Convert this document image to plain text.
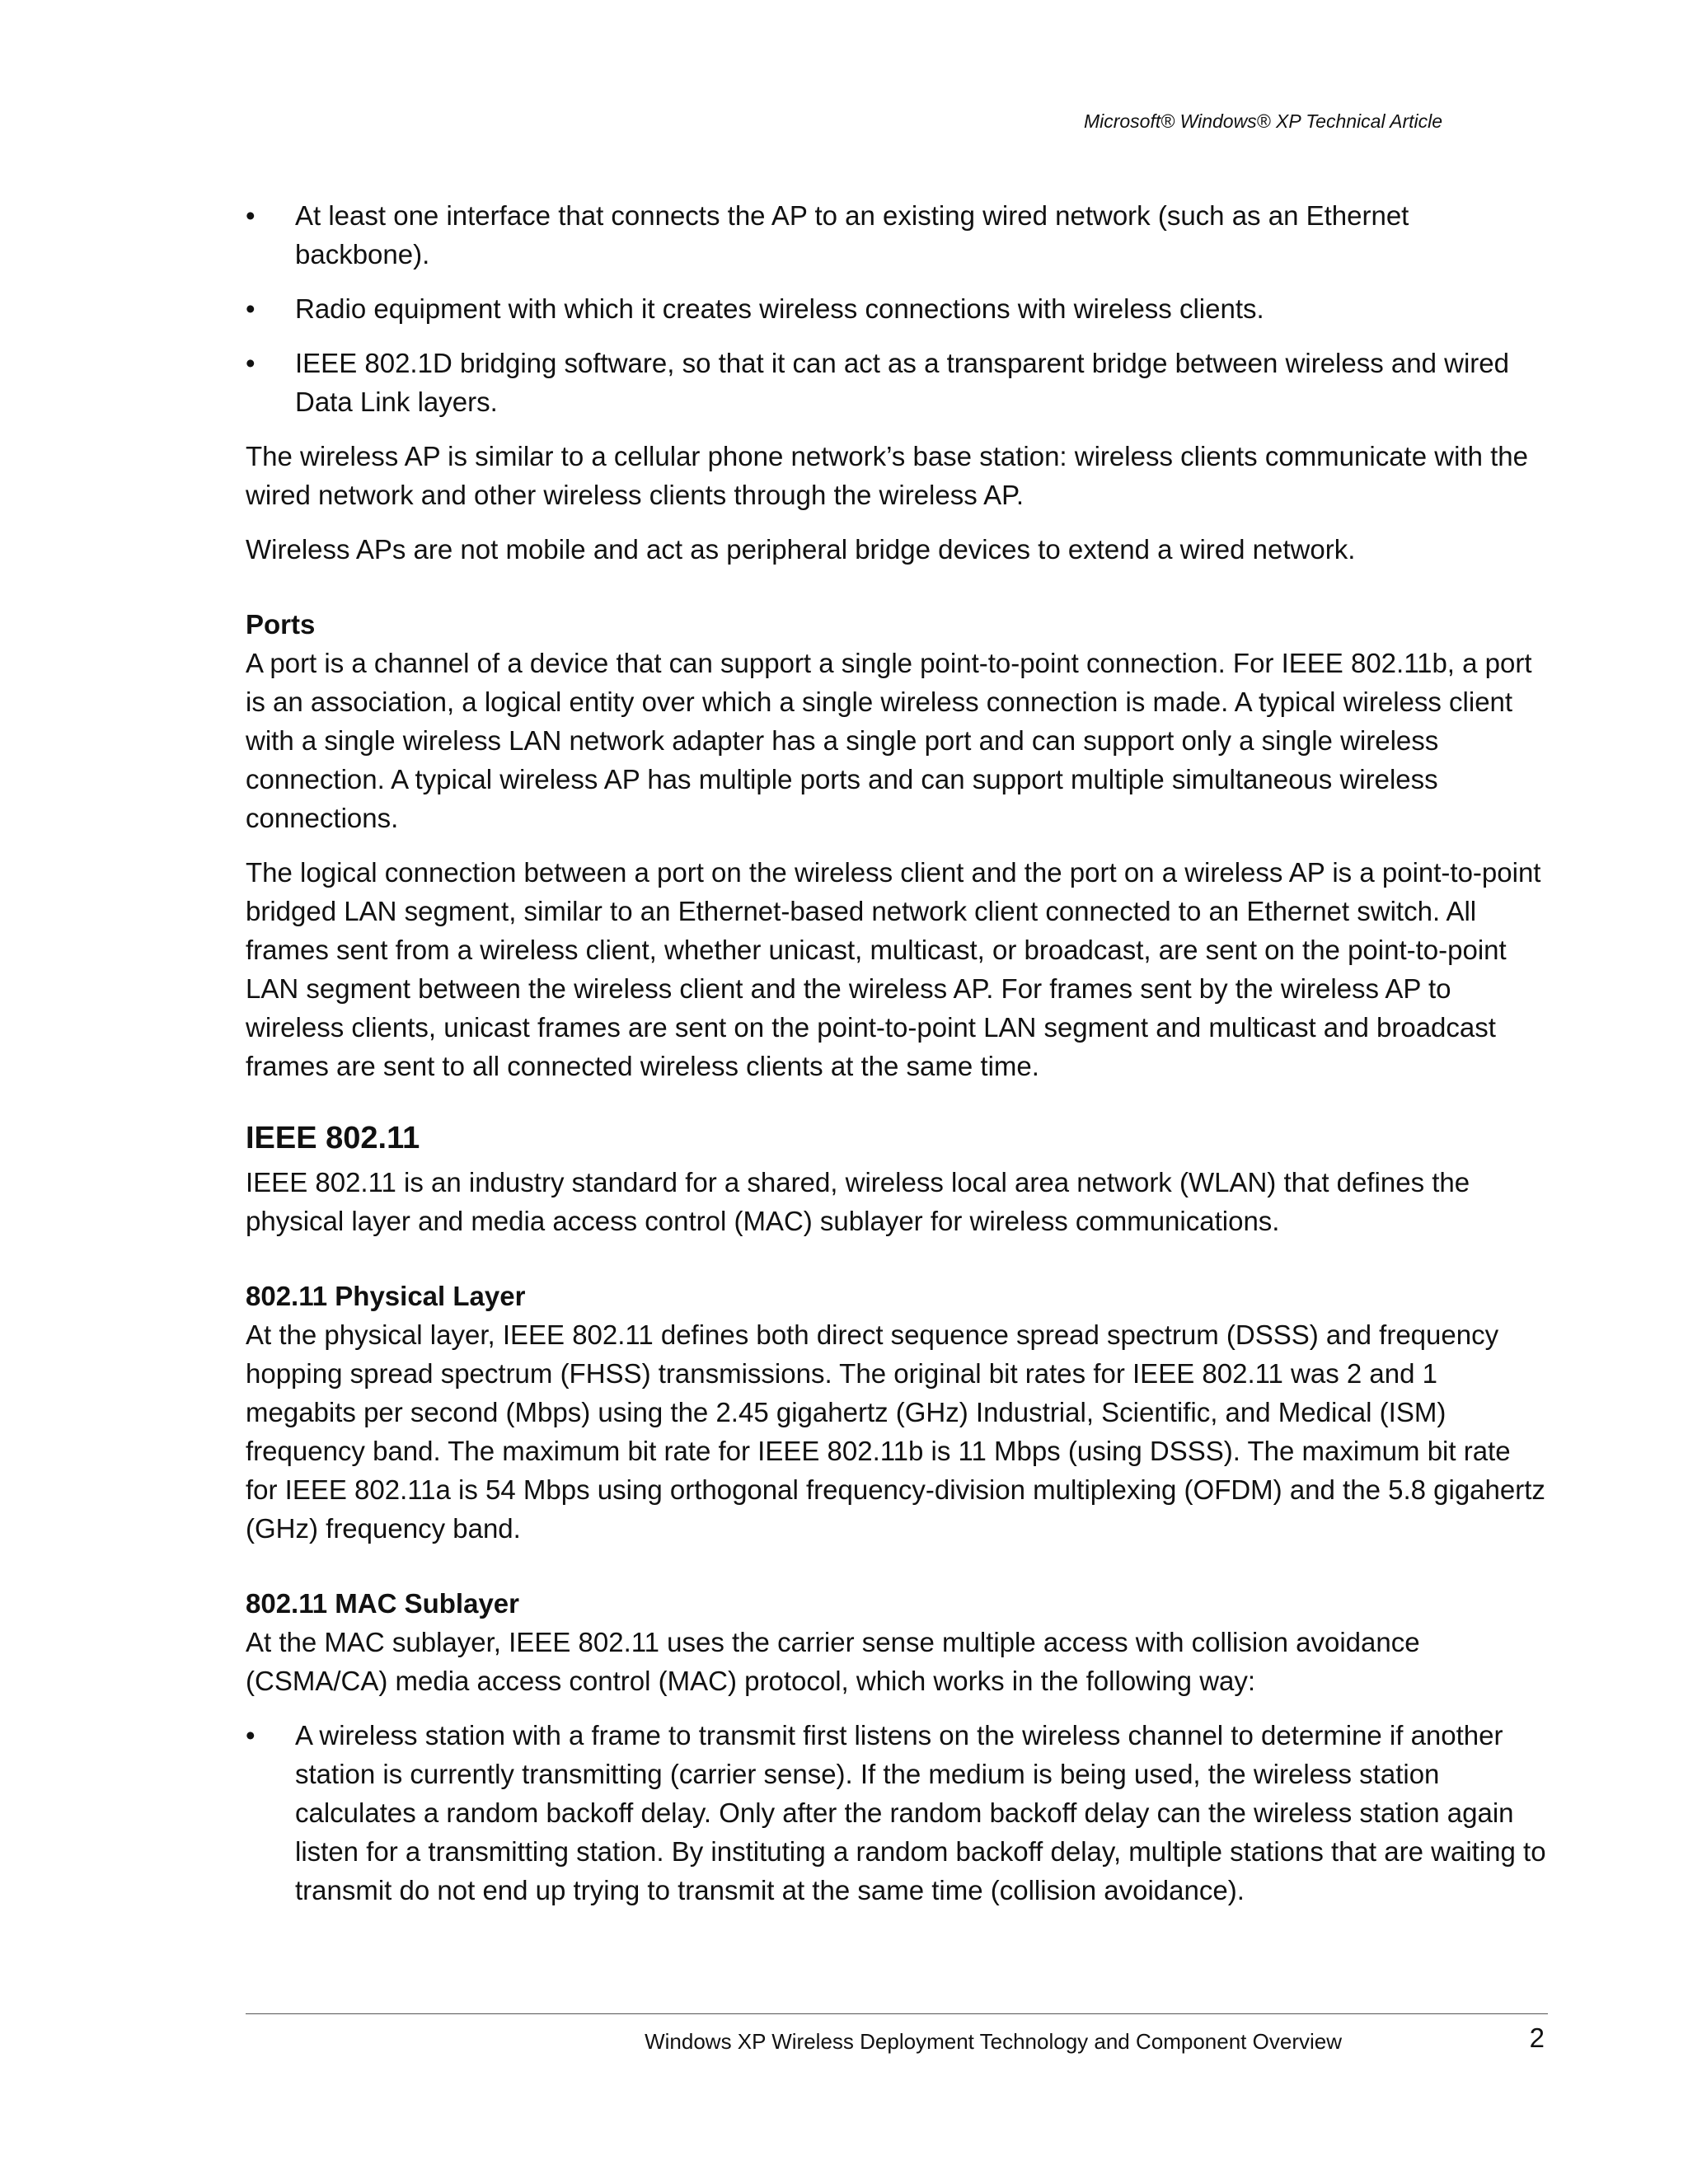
Microsoft® Windows® XP Technical Article
• At least one interface that connects the AP to an existing wired network (such as an Ethernet backbone).
• Radio equipment with which it creates wireless connections with wireless clients.
• IEEE 802.1D bridging software, so that it can act as a transparent bridge between wireless and wired Data Link layers.

The wireless AP is similar to a cellular phone network’s base station: wireless clients communicate with the wired network and other wireless clients through the wireless AP.

Wireless APs are not mobile and act as peripheral bridge devices to extend a wired network.

Ports

A port is a channel of a device that can support a single point-to-point connection. For IEEE 802.11b, a port is an association, a logical entity over which a single wireless connection is made. A typical wireless client with a single wireless LAN network adapter has a single port and can support only a single wireless connection. A typical wireless AP has multiple ports and can support multiple simultaneous wireless connections.

The logical connection between a port on the wireless client and the port on a wireless AP is a point-to-point bridged LAN segment, similar to an Ethernet-based network client connected to an Ethernet switch. All frames sent from a wireless client, whether unicast, multicast, or broadcast, are sent on the point-to-point LAN segment between the wireless client and the wireless AP. For frames sent by the wireless AP to wireless clients, unicast frames are sent on the point-to-point LAN segment and multicast and broadcast frames are sent to all connected wireless clients at the same time.

IEEE 802.11

IEEE 802.11 is an industry standard for a shared, wireless local area network (WLAN) that defines the physical layer and media access control (MAC) sublayer for wireless communications.

802.11 Physical Layer

At the physical layer, IEEE 802.11 defines both direct sequence spread spectrum (DSSS) and frequency hopping spread spectrum (FHSS) transmissions. The original bit rates for IEEE 802.11 was 2 and 1 megabits per second (Mbps) using the 2.45 gigahertz (GHz) Industrial, Scientific, and Medical (ISM) frequency band. The maximum bit rate for IEEE 802.11b is 11 Mbps (using DSSS). The maximum bit rate for IEEE 802.11a is 54 Mbps using orthogonal frequency-division multiplexing (OFDM) and the 5.8 gigahertz (GHz) frequency band.

802.11 MAC Sublayer

At the MAC sublayer, IEEE 802.11 uses the carrier sense multiple access with collision avoidance (CSMA/CA) media access control (MAC) protocol, which works in the following way:

• A wireless station with a frame to transmit first listens on the wireless channel to determine if another station is currently transmitting (carrier sense). If the medium is being used, the wireless station calculates a random backoff delay. Only after the random backoff delay can the wireless station again listen for a transmitting station. By instituting a random backoff delay, multiple stations that are waiting to transmit do not end up trying to transmit at the same time (collision avoidance).
Windows XP Wireless Deployment Technology and Component Overview	2
